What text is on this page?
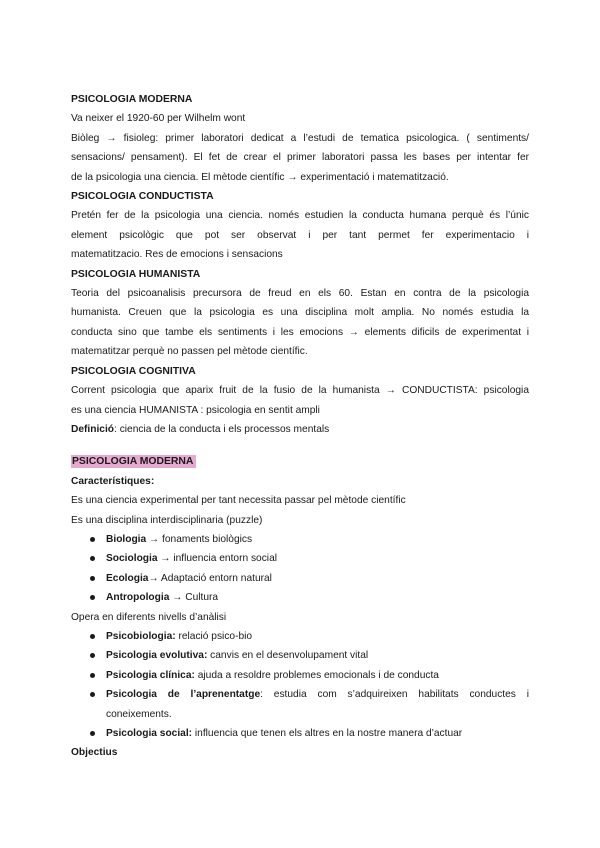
PSICOLOGIA MODERNA
Va neixer el 1920-60 per Wilhelm wont
Biòleg → fisioleg: primer laboratori dedicat a l’estudi de tematica psicologica. ( sentiments/
sensacions/ pensament). El fet de crear el primer laboratori passa les bases per intentar fer
de la psicologia una ciencia. El mètode científic → experimentació i matematització.
PSICOLOGIA CONDUCTISTA
Pretén fer de la psicologia una ciencia. només estudien la conducta humana perquè és l’únic
element psicològic que pot ser observat i per tant permet fer experimentacio i
matematitzacio. Res de emocions i sensacions
PSICOLOGIA HUMANISTA
Teoria del psicoanalisis precursora de freud en els 60. Estan en contra de la psicologia
humanista. Creuen que la psicologia es una disciplina molt amplia. No només estudia la
conducta sino que tambe els sentiments i les emocions → elements dificils de experimentat i
matematitzar perquè no passen pel mètode científic.
PSICOLOGIA COGNITIVA
Corrent psicologia que aparix fruit de la fusio de la humanista → CONDUCTISTA: psicologia
es una ciencia HUMANISTA : psicologia en sentit ampli
Definició: ciencia de la conducta i els processos mentals
PSICOLOGIA MODERNA
Característiques:
Es una ciencia experimental per tant necessita passar pel mètode científic
Es una disciplina interdisciplinaria (puzzle)
Biologia → fonaments biològics
Sociologia → influencia entorn social
Ecologia→ Adaptació entorn natural
Antropologia → Cultura
Opera en diferents nivells d’anàlisi
Psicobiologia: relació psico-bio
Psicologia evolutiva: canvis en el desenvolupament vital
Psicologia clínica: ajuda a resoldre problemes emocionals i de conducta
Psicologia de l’aprenentatge: estudia com s’adquireixen habilitats conductes i
coneixements.
Psicologia social: influencia que tenen els altres en la nostre manera d’actuar
Objectius
